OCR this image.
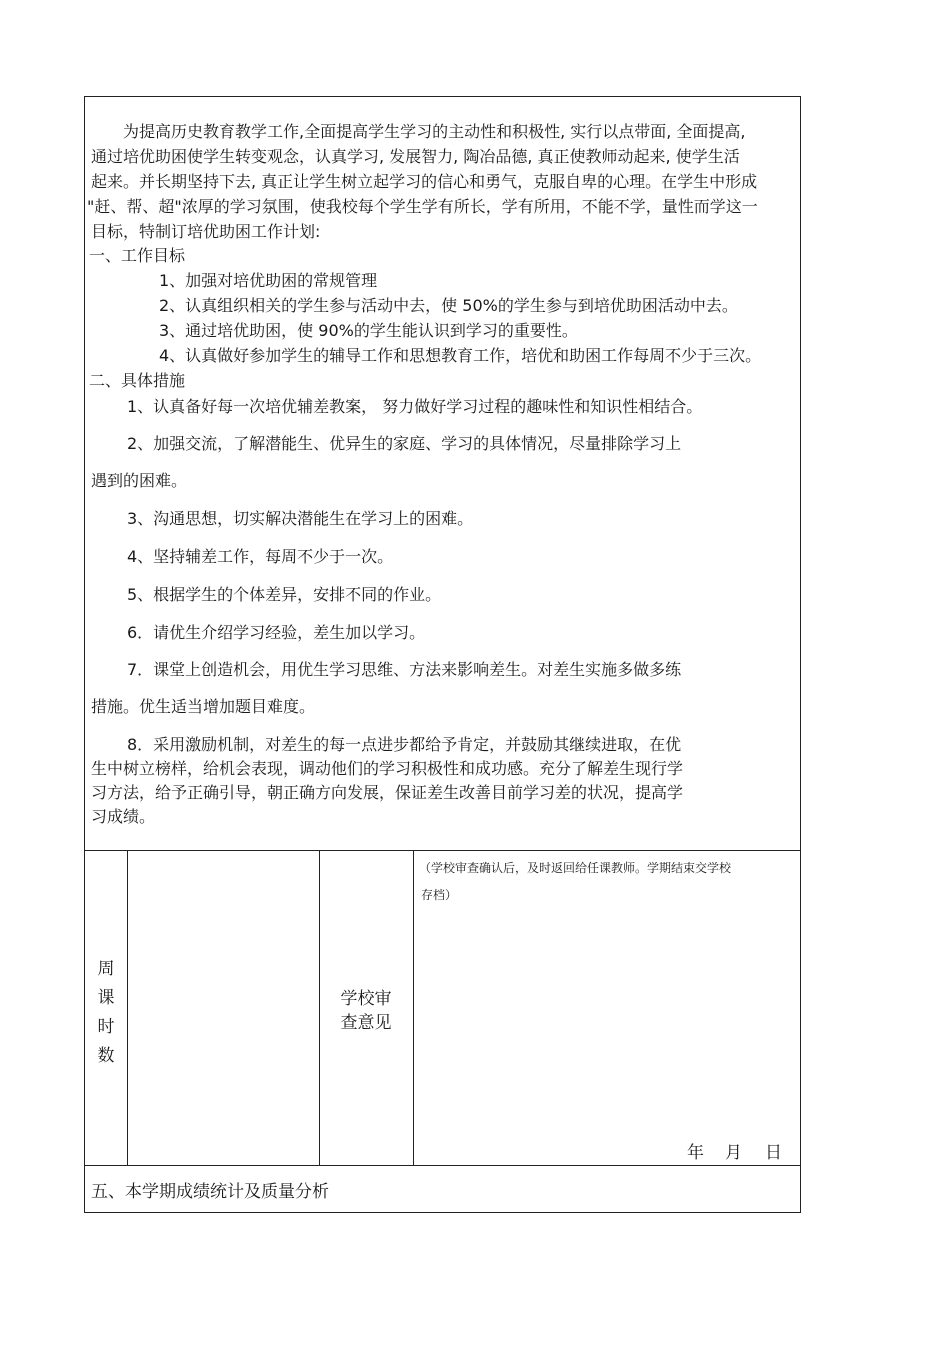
为提高历史教育教学工作,全面提高学生学习的主动性和积极性, 实行以点带面, 全面提高,
通过培优助困使学生转变观念，认真学习, 发展智力, 陶冶品德, 真正使教师动起来, 使学生活
起来。并长期坚持下去, 真正让学生树立起学习的信心和勇气，克服自卑的心理。在学生中形成
"赶、帮、超"浓厚的学习氛围，使我校每个学生学有所长，学有所用，不能不学，量性而学这一
目标，特制订培优助困工作计划:
一、工作目标
1、加强对培优助困的常规管理
2、认真组织相关的学生参与活动中去，使 50%的学生参与到培优助困活动中去。
3、通过培优助困，使 90%的学生能认识到学习的重要性。
4、认真做好参加学生的辅导工作和思想教育工作，培优和助困工作每周不少于三次。
二、具体措施
1、认真备好每一次培优辅差教案， 努力做好学习过程的趣味性和知识性相结合。
2、加强交流，了解潜能生、优异生的家庭、学习的具体情况，尽量排除学习上
遇到的困难。
3、沟通思想，切实解决潜能生在学习上的困难。
4、坚持辅差工作，每周不少于一次。
5、根据学生的个体差异，安排不同的作业。
6．请优生介绍学习经验，差生加以学习。
7．课堂上创造机会，用优生学习思维、方法来影响差生。对差生实施多做多练
措施。优生适当增加题目难度。
8．采用激励机制，对差生的每一点进步都给予肯定，并鼓励其继续进取，在优
生中树立榜样，给机会表现，调动他们的学习积极性和成功感。充分了解差生现行学
习方法，给予正确引导，朝正确方向发展，保证差生改善目前学习差的状况，提高学
习成绩。
周
课
时
数
学校审
查意见
（学校审查确认后，及时返回给任课教师。学期结束交学校
存档）
年 月 日
五、本学期成绩统计及质量分析
